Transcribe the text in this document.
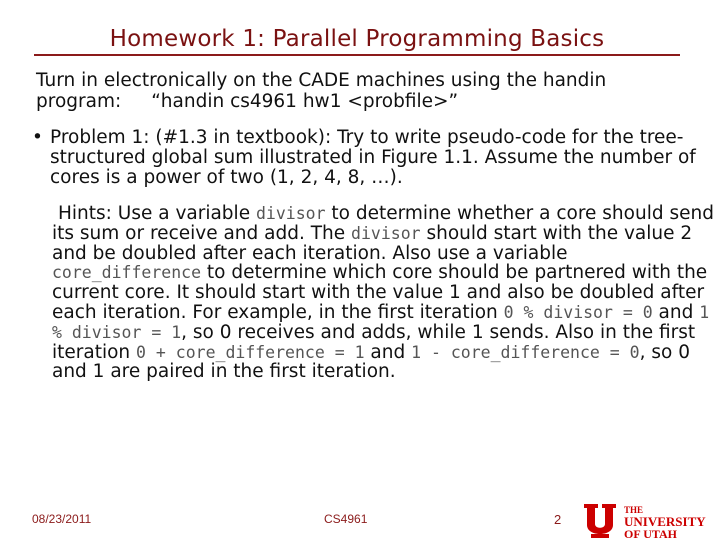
Homework 1: Parallel Programming Basics
Turn in electronically on the CADE machines using the handin
program: “handin cs4961 hw1 <probfile>”
• Problem 1: (#1.3 in textbook): Try to write pseudo-code for the tree-structured global sum illustrated in Figure 1.1. Assume the number of cores is a power of two (1, 2, 4, 8, …).
Hints: Use a variable divisor to determine whether a core should send its sum or receive and add. The divisor should start with the value 2 and be doubled after each iteration. Also use a variable core_difference to determine which core should be partnered with the current core. It should start with the value 1 and also be doubled after each iteration. For example, in the first iteration 0 % divisor = 0 and 1 % divisor = 1, so 0 receives and adds, while 1 sends. Also in the first iteration 0 + core_difference = 1 and 1 - core_difference = 0, so 0 and 1 are paired in the first iteration.
08/23/2011	CS4961	2
THE
UNIVERSITY
OF UTAH
